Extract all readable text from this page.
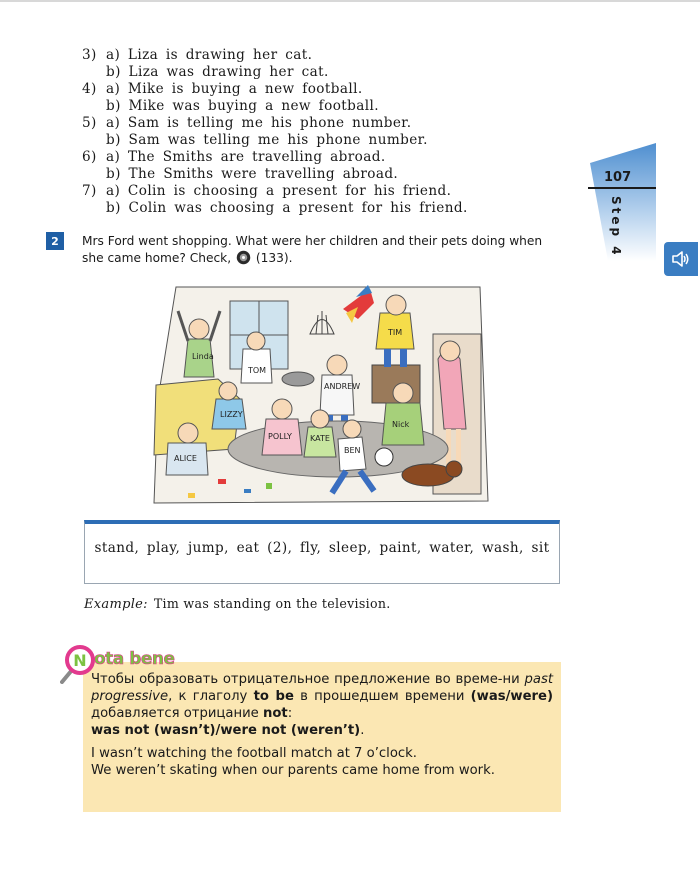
3) a) Liza is drawing her cat.
b) Liza was drawing her cat.
4) a) Mike is buying a new football.
b) Mike was buying a new football.
5) a) Sam is telling me his phone number.
b) Sam was telling me his phone number.
6) a) The Smiths are travelling abroad.
b) The Smiths were travelling abroad.
7) a) Colin is choosing a present for his friend.
b) Colin was choosing a present for his friend.
107
Step 4
2	Mrs Ford went shopping. What were her children and their pets doing when she came home? Check, (133).
Linda
TOM
TIM
ANDREW
LIZZY
POLLY KATE
Nick
ALICE
BEN
stand, play, jump, eat (2), fly, sleep, paint, water, wash, sit
Example: Tim was standing on the television.

Чтобы образовать отрицательное предложение во време-ни past progressive, к глаголу to be в прошедшем времени (was/were) добавляется отрицание not:
was not (wasn’t)/were not (weren’t).

I wasn’t watching the football match at 7 o’clock.

We weren’t skating when our parents came home from work.

N ota bene
